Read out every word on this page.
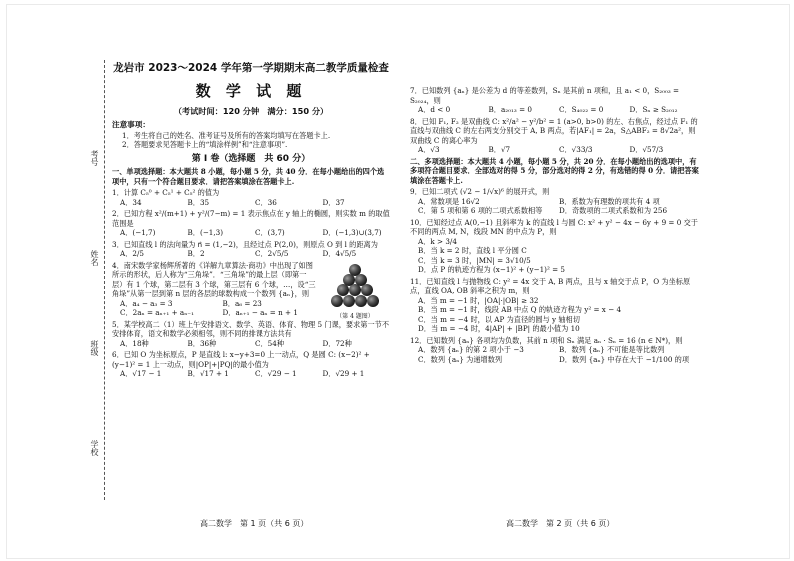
考号
姓名
班级
学校
龙岩市 2023～2024 学年第一学期期末高二教学质量检查
数 学 试 题
（考试时间：120 分钟　满分：150 分）
注意事项：
1．考生将自己的姓名、准考证号及所有的答案均填写在答题卡上.
2．答题要求见答题卡上的“填涂样例”和“注意事项”.
第 Ⅰ 卷（选择题　共 60 分）
一、单项选择题：本大题共 8 小题，每小题 5 分，共 40 分．在每小题给出的四个选项中，只有一个符合题目要求．请把答案填涂在答题卡上.
1．计算 C₅⁰ + C₅¹ + C₅² 的值为
A．34	B．35	C．36	D．37
2．已知方程 x²/(m+1) + y²/(7−m) = 1 表示焦点在 y 轴上的椭圆，则实数 m 的取值范围是
A．(−1,7)	B．(−1,3)	C．(3,7)	D．(−1,3)∪(3,7)
3．已知直线 l 的法向量为 n⃗ = (1,−2)，且经过点 P(2,0)，则原点 O 到 l 的距离为
A．2/5	B．2	C．2√5/5	D．4√5/5
4．南宋数学家杨辉所著的《详解九章算法·商功》中出现了如图所示的形状，后人称为“三角垛”．“三角垛”的最上层（即第一层）有 1 个球，第二层有 3 个球，第三层有 6 个球，…，设“三角垛”从第一层到第 n 层的各层的球数构成一个数列 {aₙ}，则
（第 4 题图）
A．a₄ − a₃ = 3	B．a₆ = 23
C．2aₙ = aₙ₊₁ + aₙ₋₁	D．aₙ₊₁ − aₙ = n + 1
5．某学校高二（1）班上午安排语文、数学、英语、体育、物理 5 门课，要求第一节不安排体育，语文和数学必须相邻，则不同的排课方法共有
A．18种	B．36种	C．54种	D．72种
6．已知 O 为坐标原点，P 是直线 l: x−y+3=0 上一动点，Q 是圆 C: (x−2)² + (y−1)² = 1 上一动点，则|OP|+|PQ|的最小值为
A．√17 − 1	B．√17 + 1	C．√29 − 1	D．√29 + 1
7．已知数列 {aₙ} 是公差为 d 的等差数列，Sₙ 是其前 n 项和，且 a₁ < 0，S₂₀₀₃ = S₂₀₂₄，则
A．d < 0	B．a₂₀₁₃ = 0	C．S₄₀₂₂ = 0	D．Sₙ ≥ S₂₀₁₂
8．已知 F₁, F₂ 是双曲线 C: x²/a² − y²/b² = 1 (a>0, b>0) 的左、右焦点，经过点 F₁ 的直线与双曲线 C 的左右两支分别交于 A, B 两点，若|AF₁| = 2a，S△ABF₂ = 8√2a²，则双曲线 C 的离心率为
A．√3	B．√7	C．√33/3	D．√57/3
二、多项选择题：本大题共 4 小题，每小题 5 分，共 20 分．在每小题给出的选项中，有多项符合题目要求．全部选对的得 5 分，部分选对的得 2 分，有选错的得 0 分．请把答案填涂在答题卡上.
9．已知二项式 (√2 − 1/√x)⁶ 的展开式，则
A．常数项是 16√2	B．系数为有理数的项共有 4 项
C．第 5 项和第 6 项的二项式系数相等	D．奇数项的二项式系数和为 256
10．已知经过点 A(0,−1) 且斜率为 k 的直线 l 与圆 C: x² + y² − 4x − 6y + 9 = 0 交于不同的两点 M, N，线段 MN 的中点为 P，则
A．k > 3/4
B．当 k = 2 时，直线 l 平分圆 C
C．当 k = 3 时，|MN| = 3√10/5
D．点 P 的轨迹方程为 (x−1)² + (y−1)² = 5
11．已知直线 l 与抛物线 C: y² = 4x 交于 A, B 两点，且与 x 轴交于点 P，O 为坐标原点，直线 OA, OB 斜率之积为 m，则
A．当 m = −1 时，|OA|·|OB| ≥ 32
B．当 m = −1 时，线段 AB 中点 Q 的轨迹方程为 y² = x − 4
C．当 m = −4 时，以 AP 为直径的圆与 y 轴相切
D．当 m = −4 时，4|AP| + |BP| 的最小值为 10
12．已知数列 {aₙ} 各项均为负数，其前 n 项和 Sₙ 满足 aₙ · Sₙ = 16 (n ∈ N*)，则
A．数列 {aₙ} 的第 2 项小于 −3	B．数列 {aₙ} 不可能是等比数列
C．数列 {aₙ} 为递增数列	D．数列 {aₙ} 中存在大于 −1/100 的项
高二数学　第 1 页（共 6 页）	高二数学　第 2 页（共 6 页）
